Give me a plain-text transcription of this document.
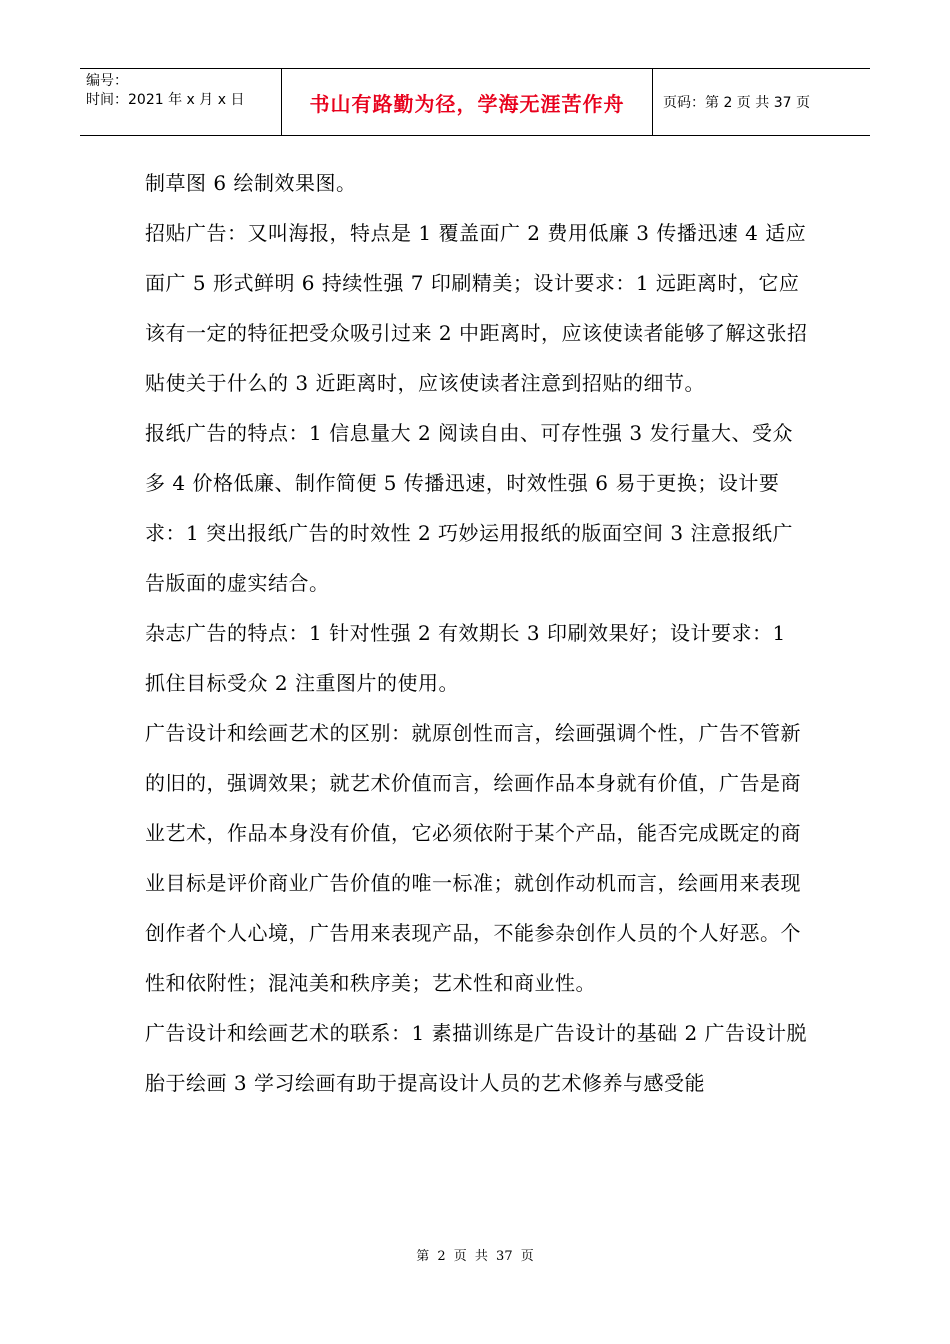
编号：
时间：2021 年 x 月 x 日	书山有路勤为径，学海无涯苦作舟	页码：第 2 页 共 37 页

制草图 6 绘制效果图。

招贴广告：又叫海报，特点是 1 覆盖面广 2 费用低廉 3 传播迅速 4 适应面广 5 形式鲜明 6 持续性强 7 印刷精美；设计要求：1 远距离时，它应该有一定的特征把受众吸引过来 2 中距离时，应该使读者能够了解这张招贴使关于什么的 3 近距离时，应该使读者注意到招贴的细节。

报纸广告的特点：1 信息量大 2 阅读自由、可存性强 3 发行量大、受众多 4 价格低廉、制作简便 5 传播迅速，时效性强 6 易于更换；设计要求：1 突出报纸广告的时效性 2 巧妙运用报纸的版面空间 3 注意报纸广告版面的虚实结合。

杂志广告的特点：1 针对性强 2 有效期长 3 印刷效果好；设计要求：1 抓住目标受众 2 注重图片的使用。

广告设计和绘画艺术的区别：就原创性而言，绘画强调个性，广告不管新的旧的，强调效果；就艺术价值而言，绘画作品本身就有价值，广告是商业艺术，作品本身没有价值，它必须依附于某个产品，能否完成既定的商业目标是评价商业广告价值的唯一标准；就创作动机而言，绘画用来表现创作者个人心境，广告用来表现产品，不能参杂创作人员的个人好恶。个性和依附性；混沌美和秩序美；艺术性和商业性。

广告设计和绘画艺术的联系：1 素描训练是广告设计的基础 2 广告设计脱胎于绘画 3 学习绘画有助于提高设计人员的艺术修养与感受能

第 2 页 共 37 页
